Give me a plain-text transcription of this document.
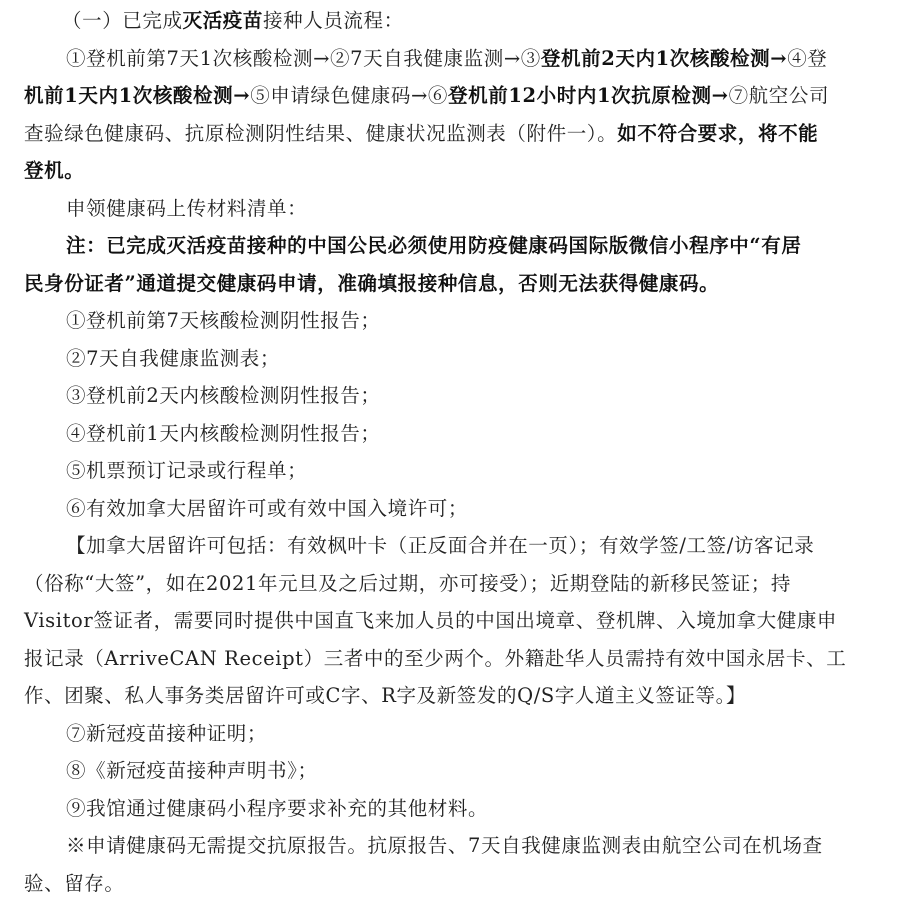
（一）已完成灭活疫苗接种人员流程：
①登机前第7天1次核酸检测→②7天自我健康监测→③登机前2天内1次核酸检测→④登
机前1天内1次核酸检测→⑤申请绿色健康码→⑥登机前12小时内1次抗原检测→⑦航空公司
查验绿色健康码、抗原检测阴性结果、健康状况监测表（附件一）。如不符合要求，将不能
登机。
申领健康码上传材料清单：
注：已完成灭活疫苗接种的中国公民必须使用防疫健康码国际版微信小程序中“有居
民身份证者”通道提交健康码申请，准确填报接种信息，否则无法获得健康码。
①登机前第7天核酸检测阴性报告；
②7天自我健康监测表；
③登机前2天内核酸检测阴性报告；
④登机前1天内核酸检测阴性报告；
⑤机票预订记录或行程单；
⑥有效加拿大居留许可或有效中国入境许可；
【加拿大居留许可包括：有效枫叶卡（正反面合并在一页）；有效学签/工签/访客记录
（俗称“大签”，如在2021年元旦及之后过期，亦可接受）；近期登陆的新移民签证；持
Visitor签证者，需要同时提供中国直飞来加人员的中国出境章、登机牌、入境加拿大健康申
报记录（ArriveCAN Receipt）三者中的至少两个。外籍赴华人员需持有效中国永居卡、工
作、团聚、私人事务类居留许可或C字、R字及新签发的Q/S字人道主义签证等。】
⑦新冠疫苗接种证明；
⑧《新冠疫苗接种声明书》；
⑨我馆通过健康码小程序要求补充的其他材料。
※申请健康码无需提交抗原报告。抗原报告、7天自我健康监测表由航空公司在机场查
验、留存。
